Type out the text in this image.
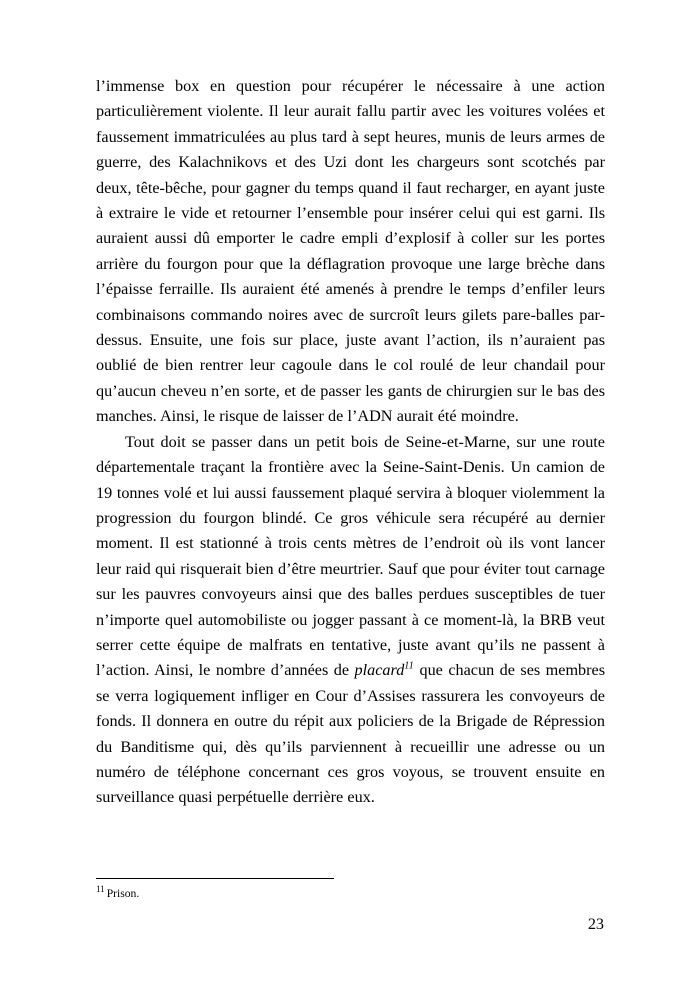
l’immense box en question pour récupérer le nécessaire à une action particulièrement violente. Il leur aurait fallu partir avec les voitures volées et faussement immatriculées au plus tard à sept heures, munis de leurs armes de guerre, des Kalachnikovs et des Uzi dont les chargeurs sont scotchés par deux, tête-bêche, pour gagner du temps quand il faut recharger, en ayant juste à extraire le vide et retourner l’ensemble pour insérer celui qui est garni. Ils auraient aussi dû emporter le cadre empli d’explosif à coller sur les portes arrière du fourgon pour que la déflagration provoque une large brèche dans l’épaisse ferraille. Ils auraient été amenés à prendre le temps d’enfiler leurs combinaisons commando noires avec de surcroît leurs gilets pare-balles par-dessus. Ensuite, une fois sur place, juste avant l’action, ils n’auraient pas oublié de bien rentrer leur cagoule dans le col roulé de leur chandail pour qu’aucun cheveu n’en sorte, et de passer les gants de chirurgien sur le bas des manches. Ainsi, le risque de laisser de l’ADN aurait été moindre.

Tout doit se passer dans un petit bois de Seine-et-Marne, sur une route départementale traçant la frontière avec la Seine-Saint-Denis. Un camion de 19 tonnes volé et lui aussi faussement plaqué servira à bloquer violemment la progression du fourgon blindé. Ce gros véhicule sera récupéré au dernier moment. Il est stationné à trois cents mètres de l’endroit où ils vont lancer leur raid qui risquerait bien d’être meurtrier. Sauf que pour éviter tout carnage sur les pauvres convoyeurs ainsi que des balles perdues susceptibles de tuer n’importe quel automobiliste ou jogger passant à ce moment-là, la BRB veut serrer cette équipe de malfrats en tentative, juste avant qu’ils ne passent à l’action. Ainsi, le nombre d’années de placard$^{11}$ que chacun de ses membres se verra logiquement infliger en Cour d’Assises rassurera les convoyeurs de fonds. Il donnera en outre du répit aux policiers de la Brigade de Répression du Banditisme qui, dès qu’ils parviennent à recueillir une adresse ou un numéro de téléphone concernant ces gros voyous, se trouvent ensuite en surveillance quasi perpétuelle derrière eux.

$^{11}$ Prison.

23
